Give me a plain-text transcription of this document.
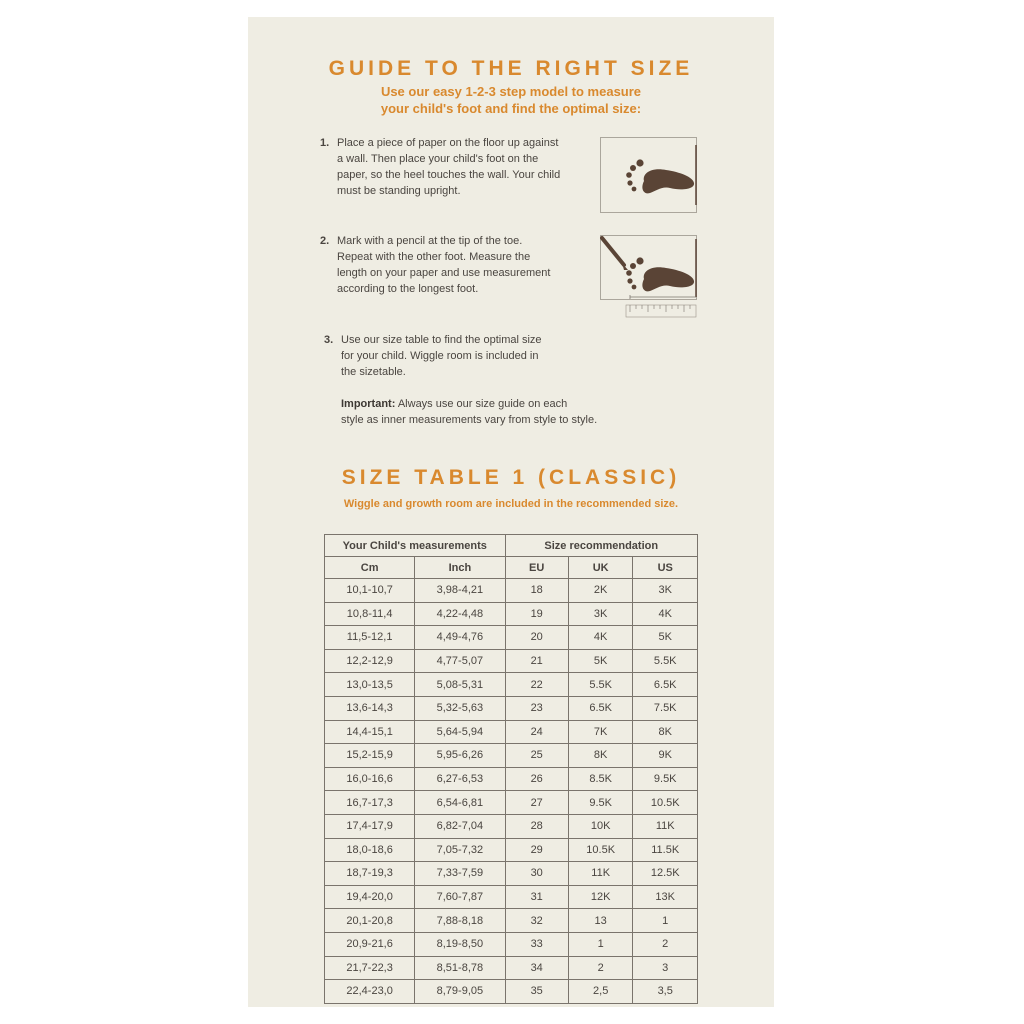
GUIDE TO THE RIGHT SIZE
Use our easy 1-2-3 step model to measure
your child's foot and find the optimal size:
1. Place a piece of paper on the floor up against
a wall. Then place your child's foot on the
paper, so the heel touches the wall. Your child
must be standing upright.
2. Mark with a pencil at the tip of the toe.
Repeat with the other foot. Measure the
length on your paper and use measurement
according to the longest foot.
3. Use our size table to find the optimal size
for your child. Wiggle room is included in
the sizetable.
Important: Always use our size guide on each
style as inner measurements vary from style to style.
SIZE TABLE 1 (CLASSIC)
Wiggle and growth room are included in the recommended size.
Your Child's measurements		Size recommendation		
Cm	Inch	EU	UK	US
10,1-10,7	3,98-4,21	18	2K	3K
10,8-11,4	4,22-4,48	19	3K	4K
11,5-12,1	4,49-4,76	20	4K	5K
12,2-12,9	4,77-5,07	21	5K	5.5K
13,0-13,5	5,08-5,31	22	5.5K	6.5K
13,6-14,3	5,32-5,63	23	6.5K	7.5K
14,4-15,1	5,64-5,94	24	7K	8K
15,2-15,9	5,95-6,26	25	8K	9K
16,0-16,6	6,27-6,53	26	8.5K	9.5K
16,7-17,3	6,54-6,81	27	9.5K	10.5K
17,4-17,9	6,82-7,04	28	10K	11K
18,0-18,6	7,05-7,32	29	10.5K	11.5K
18,7-19,3	7,33-7,59	30	11K	12.5K
19,4-20,0	7,60-7,87	31	12K	13K
20,1-20,8	7,88-8,18	32	13	1
20,9-21,6	8,19-8,50	33	1	2
21,7-22,3	8,51-8,78	34	2	3
22,4-23,0	8,79-9,05	35	2,5	3,5
